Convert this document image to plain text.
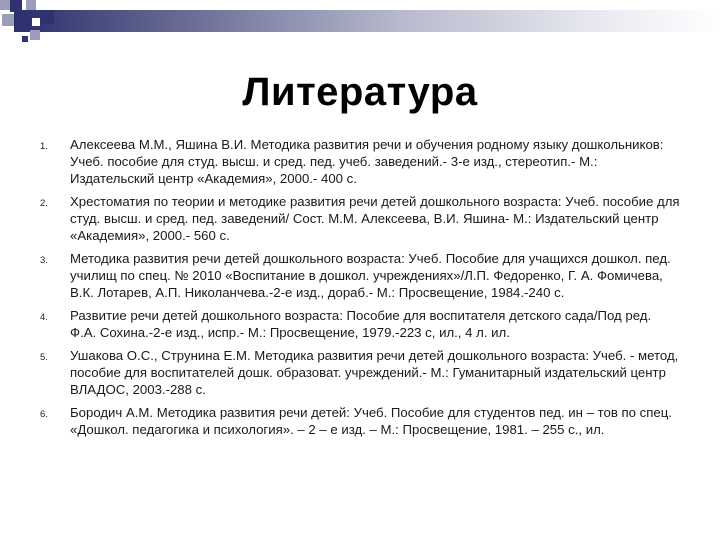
Литература
1. Алексеева М.М., Яшина В.И. Методика развития речи и обучения родному языку дошкольников: Учеб. пособие для студ. высш. и сред. пед. учеб. заведений.- 3-е изд., стереотип.- М.: Издательский центр «Академия», 2000.- 400 с.
2. Хрестоматия по теории и методике развития речи детей дошкольного возраста: Учеб. пособие для студ. высш. и сред. пед. заведений/ Сост. М.М. Алексеева, В.И. Яшина- М.: Издательский центр «Академия», 2000.- 560 с.
3. Методика развития речи детей дошкольного возраста: Учеб. Пособие для учащихся дошкол. пед. училищ по спец. № 2010 «Воспитание в дошкол. учреждениях»/Л.П. Федоренко, Г. А. Фомичева, В.К. Лотарев, А.П. Николанчева.-2-е изд., дораб.- М.: Просвещение, 1984.-240 с.
4. Развитие речи детей дошкольного возраста: Пособие для воспитателя детского сада/Под ред. Ф.А. Сохина.-2-е изд., испр.- М.: Просвещение, 1979.-223 с, ил., 4 л. ил.
5. Ушакова О.С., Струнина Е.М. Методика развития речи детей дошкольного возраста: Учеб. - метод, пособие для воспитателей дошк. образоват. учреждений.- М.: Гуманитарный издательский центр ВЛАДОС, 2003.-288 с.
6. Бородич А.М. Методика развития речи детей: Учеб. Пособие для студентов пед. ин – тов по спец. «Дошкол. педагогика и психология». – 2 – е изд. – М.: Просвещение, 1981. – 255 с., ил.
